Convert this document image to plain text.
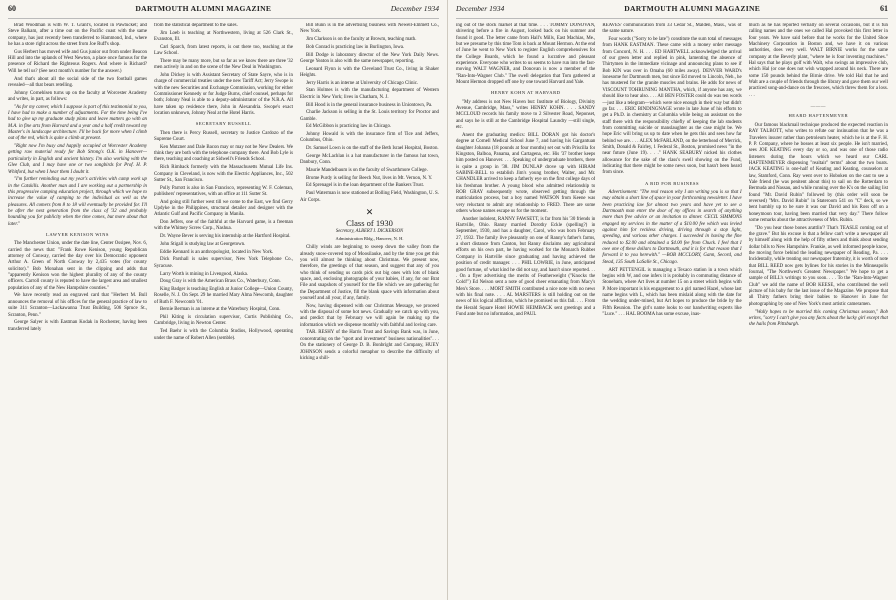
60	DARTMOUTH ALUMNI MAGAZINE	December 1934

Brad Woodman is with W. T. Grant's, located in Pawtucket; and Steve Balkam, after a time out on the Pacific coast with the same company, has just recently been transferred to Hammond, Ind., where he has a store right across the street from Joe Ruff's shop.

Gus Herbert has moved wife and Gus junior out from under Beacon Hill and into the uplands of West Newton, a place once famous for the presence of Richard the Righteous Rogers. And where is Richard? Will he tell us? (See next month's number for the answer.)

And that's about all the social side of the two football games revealed—all that bears retelling.

Johnny Cornehlsen turns up on the faculty at Worcester Academy and writes, in part, as follows:

"As for my career, which I suppose is part of this testimonial to you, I have had to make a number of adjustments. For the time being I've had to give up my graduate study plans and leave matters go with an M.A. in fine arts from Harvard and a year and a half credit toward my Master's in landscape architecture. I'll be back for more when I climb out of the red, which is quite a climb at present.

"Right now I'm busy and happily occupied at Worcester Academy getting raw material ready for Bob Strong's O.K. in Hanover—particularly in English and ancient history. I'm also working with the Glee Club, and I may have one or two songbirds for Prof. H. P. Whitford, but when I hear them I doubt it.

"I'm further reminding out my year's activities with camp work up in the Catskills. Another man and I are working out a partnership in this progressive camping education project, through which we hope to increase the value of camping to the individual as well as the pleasures. All comers from 8 to 18 will eventually be provided for. I'll be after the next generation from the class of '32 and probably hounding you for publicity when the time comes, but more about that later."

LAWYER KENISON WINS

The Manchester Union, under the date line, Center Ossipee, Nov. 6, carried the news that: "Frank Rowe Kenison, young Republican attorney of Conway, carried the day over his Democratic opponent Arthur A. Green of North Conway by 2,435 votes (for county solicitor)." Bob Monahan sent in the clipping and adds that "apparently Kenison won the highest plurality of any of the county officers. Carroll county is reputed to have the largest area and smallest population of any of the New Hampshire counties."

We have recently read an engraved card that "Herbert M. Bull announces the removal of his offices for the general practice of law to suite 311 Scranton—Lackawanna Trust Building, 506 Spruce St., Scranton, Penn."

George Salyer is with Eastman Kodak in Rochester, having been transferred lately

from the statistical department to the sales.

Jim Loeb is teaching at Northwestern, living at 526 Clark St., Evanston, Ill.

Carl Sparch, from latest reports, is out there too, teaching at the Law School.

There may be many more, but so far as we know there are three '32 men actively in and on the scene of the New Deal in Washington.

John Dickey is with Assistant Secretary of State Sayre, who is in charge of commercial treaties under the new Tariff Act; Jerry Swope is with the new Securities and Exchange Commission, working for either Commissioner Kennedy or for Judge Burns, chief counsel, perhaps for both; Johnny Neal is able to a deputy-administrator of the N.R.A. All have taken up residence there, John in Alexandria. Swope's exact location unknown, Johnny Neal at the Hotel Harris.

SECRETARY RUSSELL

Then there is Percy Russell, secretary to Justice Cardozo of the Supreme Court.

Ken Mutzner and Dale Bacon may or may not be New Dealers. We think they are both with the telephone company there. And Bob Lyle is there, teaching and coaching at Sidwell's Friends School.

Rich Rimback formerly with the Massachusetts Mutual Life Ins. Company in Cleveland, is now with the Electric Appliances, Inc., 502 Sutter St., San Francisco.

Polly Parrott is also in San Francisco, representing W. F. Coleman, publishers' representatives, with an office at 111 Sutter St.

And going still further west till we come to the East, we find Gerry Updyke in the Philippines, structural detailer and designer with the Atlantic Gulf and Pacific Company in Manila.

Don Jeffers, one of the faithful at the Harvard game, is a freeman with the Whitney Screw Corp., Nashua.

Dr. Wayne Bever is serving his internship at the Hartford Hospital.

John Stigall is studying law at Georgetown.

Eddie Kennard is an anthropologist, located in New York.

Dick Parshall is sales supervisor, New York Telephone Co., Syracuse.

Larry Worth is mining in Livengood, Alaska.

Doug Gray is with the American Brass Co., Waterbury, Conn.

King Badger is teaching English at Junior College—Union County, Roselle, N. J. On Sept. 29 he married Mary Alma Newcomb, daughter of Ruth F. Newcomb '01.

Bernie Berman is an interne at the Waterbury Hospital, Conn.

Phil Kiting is circulation supervisor, Curtis Publishing Co., Cambridge, living in Newton Center.

Ted Baehr is with the Columbia Studios, Hollywood, operating under the name of Robert Allen (semble).

Bill Bunn is in the advertising business with Newell-Emmett Co., New York.

Jim Clarkson is on the faculty at Browm, teaching math.

Bob Conrad is practicing law in Burlington, Iowa.

Bill Dodge is laboratory director of the New York Daily News. George Yeaton is also with the same newspaper, reporting.

Leonard Flynn is with the Cleveland Trust Co., living in Shaker Heights.

Jerry Harris is an interne at University of Chicago Clinic.

Stan Holmes is with the manufacturing department of Western Electric in New York; lives in Chatham, N. J.

Bill Hood is in the general insurance business in Uniontown, Pa.

Charlie Jackson is selling in the St. Louis territory for Proctor and Gamble.

Ed McGibbon is practicing law in Chicago.

Johnny Howald is with the insurance firm of Tice and Jeffers, Columbus, Ohio.

Dr. Samuel Lown is on the staff of the Beth Israel Hospital, Boston.

George McLachlan is a hat manufacturer in the famous hat town, Danbury, Conn.

Maurie Mandelbaum is on the faculty of Swarthmore College.

Brome Purdy is selling for Beech Nut, lives in Mt. Vernon, N. Y.

Ed Sprenagel is in the loan department of the Bankers Trust.

Paul Waterman is now stationed at Bolling Field, Washington, U. S. Air Corps.

✕
Class of 1930
Secretary, ALBERT I. DICKERSON
Administration Bldg., Hanover, N. H.

Chilly winds are beginning to sweep down the valley from the already snow-covered top of Moosilauke, and by the time you get this you will almost be thinking about Christmas. We present now, therefore, the greetings of that season, and suggest that any of you who think of sending us cards pick out big ones with lots of blank space, and, enclosing photographs of your babies, if any, for our Brat File and snapshots of yourself for the file which we are gathering for the Department of Justice, fill the blank space with information about yourself and all your, if any, family.

Now, having dispensed with our Christmas Message, we proceed with the disposal of some hot news. Gradually we catch up with you, and predict that by February we will again be making up the information which we dispense monthly with faithful and loving care.

TAR. RESHY of the Harris Trust and Savings Bank was, in June, concentrating on the "sport and investment" business nationalities". . . On the stationery of George D. B. Bonbright and Company, HUEY JOHNSON sends a colorful metaphor to describe the difficulty of kicking a shill-

December 1934	DARTMOUTH ALUMNI MAGAZINE	61

ing out of the stock market at that time. . . . TOMMY DONOVAN, shivering before a fire in August, looked back on his summer and found it good. The letter came from Hall's Mills, East Machias, Me., but we presume by this time Tom is back at Mount Hermon. At the end of June he went to New York to register English comprehensives for the College Boards, which he found a lucrative and pleasant experience. Everyone who writes to us seems to have run into the fast-moving WALT WAGNER, and Donovan is now a member of the "Ran-Into-Wagner Club." The swell delegation that Tom gathered at Mount Hermon dropped off one by one toward Harvard and Yale.

HENRY KOHN AT HARVARD

"My address is not New Haven but: Institute of Biology, Divinity Avenue, Cambridge, Mass," writes HENRY KOHN. . . . SANDY MCCLOUD records his family move to 2 Silvester Road, Neponset, and says he is still at the Cambridge Hospital Laundry —still single, etc.

Anent the graduating medics: BILL DORAN got his doctor's degree at Cornell Medical School June 7, and having his Gargantuan daughter Johanna (18 pounds at four months) set out with Priscilla for Kingston, Balboa, Panama, and Cartagena, etc. His '37 brother keeps him posted on Hanover. . . . Speaking of undergraduate brothers, there is quite a group in '38. JIM DUNLAP drove up with HIRAM SABINE-BELL to establish Jim's young brother, Walter, and Mr. CHANDLER arrived to keep a fatherly eye on the first college days of his freshman brother. A young blood who admitted relationship to ROB GRAY subsequently wrote, observed getting through the matriculation process, but a boy named WATSON from Keene was very reluctant to admit any relationship to FRED. There are some others whose names escape us for the moment.

Another indolent, RANNY FAWSETT, is far from his '30 friends in Hartville, Ohio. Ranny married Dorothy Eckle (spelling?) in September, 1930, and has a daughter, Carol, who was born February 27, 1932. The family live pleasantly on one of Ranny's father's farms, a short distance from Canton, but Ranny disclaims any agricultural efforts on his own part, he having worked for the Monarch Rubber Company in Hartville since graduating and having achieved the position of credit manager. . . . PHIL LOWRIE, in June, anticipated good fortune, of what kind he did not say, and hasn't since reported. . . . On a flyer advertising the merits of Featherweight ("Knocks the Cold!") Ed Nelson sent a note of good cheer emanating from Macy's Men's Store. . . . MORT SMITH contributed a nice note with no news with his final note. . . . AL MARSTERS is still holding out on the news of his logical affliction, which he promised us this fall. . . . From the Herald Square Hotel HOWIE HEIMBACK sent greetings and a Fund ante but no information, and PAUL

REAVES' communication from 33 Cedar St., Malden, Mass., was of the same nature.

Four words ("Sorry to be late") constitute the sum total of messages from HANK EASTMAN. These came with a money order message from Concord, N. H. . . . ED HARTWELL acknowledged the arrival of our green letter and replied in pink, lamenting the absence of Thirtymen in the immediate vicinage and announcing plans to see if Bob KIN was over in Omaha (60 miles away). DENVER WARD's lonesome for Dartmouth men, but since Ed moved to Lincoln, Neb., he has mustered for the granite muscles and brains. He adds for news of VISCOUNT TOHRUNING MANTHA, which, if anyone has any, we should like to hear also. . . . All BEN FOSTER could do was ten words—just like a telegram—which were nice enough in their way but didn't go far. . . . ERIC BINDINGNAGE wrote in late June of his efforts to get a Ph.D. in chemistry at Columbia while being an assistant on the staff there with the responsibility chiefly of keeping the lab students from committing suicide or manslaughter as the case might be. We hope Eric will bring us up to date when he gets this and sees how far behind we are. . . . ALEX McFARLAND, on the letterhead of Merrick, Smith, Donald & Fairley, 1 Federal St., Boston, promised news "in the near future (June 19). . . ." HANK SEABURY nicked his clothes allowance for the sake of the class's swell showing on the Fund, indicating that there might be some news soon, but hasn't been heard from since.

A BID FOR BUSINESS

Advertisement: "The real reason why I am writing you is so that I may obtain a short line of space in your forthcoming newsletter. I have been practicing law for almost two years and have yet to see a Dartmouth man enter the door of my offices in search of anything more than free advice or an invitation to dinner. CECIL SIMMONS engaged my services in the matter of a $10.00 fee which was levied against him for reckless driving, driving through a stop light, speeding, and various other charges. I succeeded in having the fine reduced to $2.00 and obtained a $4.00 fee from Chuck. I feel that I owe one of these dollars to Dartmouth, and it is for that reason that I forward it to you herewith." —BOB MCCLORY, Gann, Secord, and Stead, 135 South LaSalle St., Chicago.

ART PETTENGIL is managing a Texaco station in a town which begins with W, and one infers it is probably in commuting distance of Stoneham, where Art lives at number 15 on a street which begins with P. More important is his engagement to a girl named Hazel, whose last name begins with L, which has been mislaid along with the date for the wedding under-mined, but Art hopes to produce the bride by the Fifth Reunion. The girl's name looks to our handwriting experts like "Luce." . . . HAL BOOMA has some excuse, inas-

much as he has reported verbally on several occasions, but it is fun calling names and the ones we called Hal provoked this first letter in four years. We have said before that he works for the United Shoe Machinery Corporation in Boston and, we have it on various authorities, does very well. WALT BIRNIE works for the same company at the Beverly plant, "where he is four inventing machines." Hal says that he plays golf with Walt, who swings an impressive club, which Hal (or one does not wish wrapped around his neck. There are some 150 pounds behind the Birnie drive. We told Hal that he and Walt are a couple of friends through the library and gave them our well practiced song-and-dance on the frescoes, which threw them for a loss. . . .

———
HEARD HAFTENMEYER

Our famous blackmail technique produced the expected reaction in RAY TALBOTT, who writes to refute our insinuation that he was a Travelers insurer rather than petroleum heater, which he is at the F. H. P. P. Company, where he bosses at least six people. He isn't married, sees JOE KEATING every day or so, and was one of those radio listeners during the hours which we heard our CARL HAFTENMEYER dispensing "realtair" terms" about the two boats. JACK KEATING is one-half of Keating and Keating, counselors at law, Stamford, Conn. Ray went over to Hoboken on the cast to see a Yale friend (he was penitent about this) to sail on the Rotterdam to Bermuda and Nassau, and while running over the K's on the sailing list found "Mr. David Rubin" followed by (this order will soon be reversed) "Mrs. David Rubin" in Stateroom 541 on "C" deck, so we bent humbly up to be sure it was our David and his Ross off on a honeymoon tour, having been married that very day." There follow some remarks about the attractiveness of Mrs. Rubin.

"Do you hear those bones arattlin'? That's TEASLE coming out of the grave." But his excuse is that a fellow can't write a newspaper all by himself along with the help of fifty others and think about sending dollar bills to New Hampshire. Frankie, as well informed people know, the moving force behind the leading newspaper of Reading, Pa. . . . Incidentally, while treating our newspaper fraternity, it is worth of note that BILL REED now gets bylines for his stories in the Minneapolis Journal, "The Northwest's Greatest Newspaper." We hope to get a sample of BILL's writings to you soon. . . . To the "Ran-Into-Wagner Club" we add the name of BOB KEESE, who contributed the well picture of his baby for the last issue of the Magazine. We propose that all Thirty fathers bring their babies to Hanover in June for photographing by one of New York's most artistic cameramen.

"Wally hopes to be married this coming Christmas season," Bob writes, "sorry I can't give you any facts about the lucky girl except that she hails from Pittsburgh.
